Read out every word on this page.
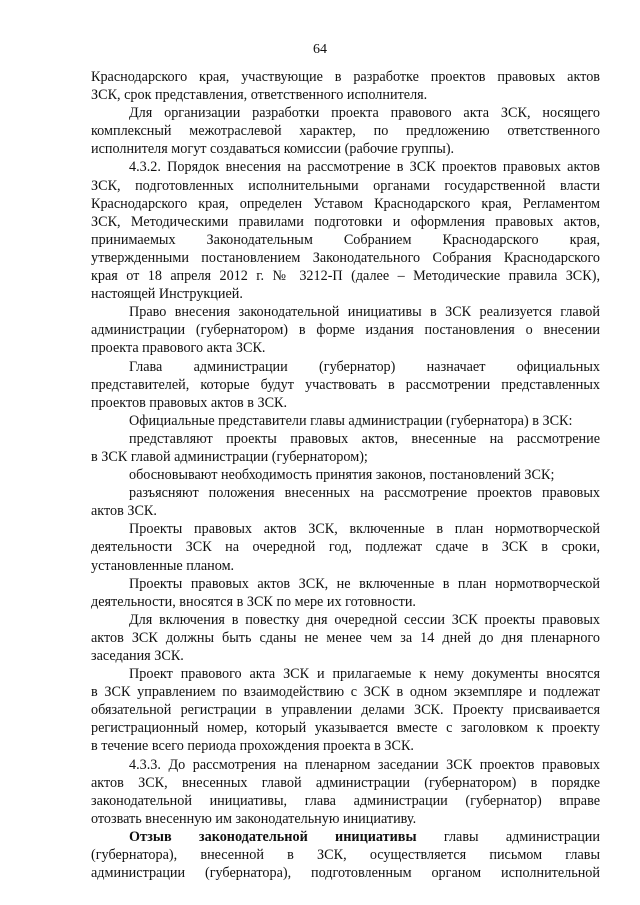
64
Краснодарского края, участвующие в разработке проектов правовых актов
ЗСК, срок представления, ответственного исполнителя.
Для организации разработки проекта правового акта ЗСК, носящего
комплексный межотраслевой характер, по предложению ответственного
исполнителя могут создаваться комиссии (рабочие группы).
4.3.2. Порядок внесения на рассмотрение в ЗСК проектов правовых актов
ЗСК, подготовленных исполнительными органами государственной власти
Краснодарского края, определен Уставом Краснодарского края, Регламентом
ЗСК, Методическими правилами подготовки и оформления правовых актов,
принимаемых Законодательным Собранием Краснодарского края,
утвержденными постановлением Законодательного Собрания Краснодарского
края от 18 апреля 2012 г. № 3212-П (далее – Методические правила ЗСК),
настоящей Инструкцией.
Право внесения законодательной инициативы в ЗСК реализуется главой
администрации (губернатором) в форме издания постановления о внесении
проекта правового акта ЗСК.
Глава администрации (губернатор) назначает официальных
представителей, которые будут участвовать в рассмотрении представленных
проектов правовых актов в ЗСК.
Официальные представители главы администрации (губернатора) в ЗСК:
представляют проекты правовых актов, внесенные на рассмотрение
в ЗСК главой администрации (губернатором);
обосновывают необходимость принятия законов, постановлений ЗСК;
разъясняют положения внесенных на рассмотрение проектов правовых
актов ЗСК.
Проекты правовых актов ЗСК, включенные в план нормотворческой
деятельности ЗСК на очередной год, подлежат сдаче в ЗСК в сроки,
установленные планом.
Проекты правовых актов ЗСК, не включенные в план нормотворческой
деятельности, вносятся в ЗСК по мере их готовности.
Для включения в повестку дня очередной сессии ЗСК проекты правовых
актов ЗСК должны быть сданы не менее чем за 14 дней до дня пленарного
заседания ЗСК.
Проект правового акта ЗСК и прилагаемые к нему документы вносятся
в ЗСК управлением по взаимодействию с ЗСК в одном экземпляре и подлежат
обязательной регистрации в управлении делами ЗСК. Проекту присваивается
регистрационный номер, который указывается вместе с заголовком к проекту
в течение всего периода прохождения проекта в ЗСК.
4.3.3. До рассмотрения на пленарном заседании ЗСК проектов правовых
актов ЗСК, внесенных главой администрации (губернатором) в порядке
законодательной инициативы, глава администрации (губернатор) вправе
отозвать внесенную им законодательную инициативу.
Отзыв законодательной инициативы главы администрации
(губернатора), внесенной в ЗСК, осуществляется письмом главы
администрации (губернатора), подготовленным органом исполнительной
